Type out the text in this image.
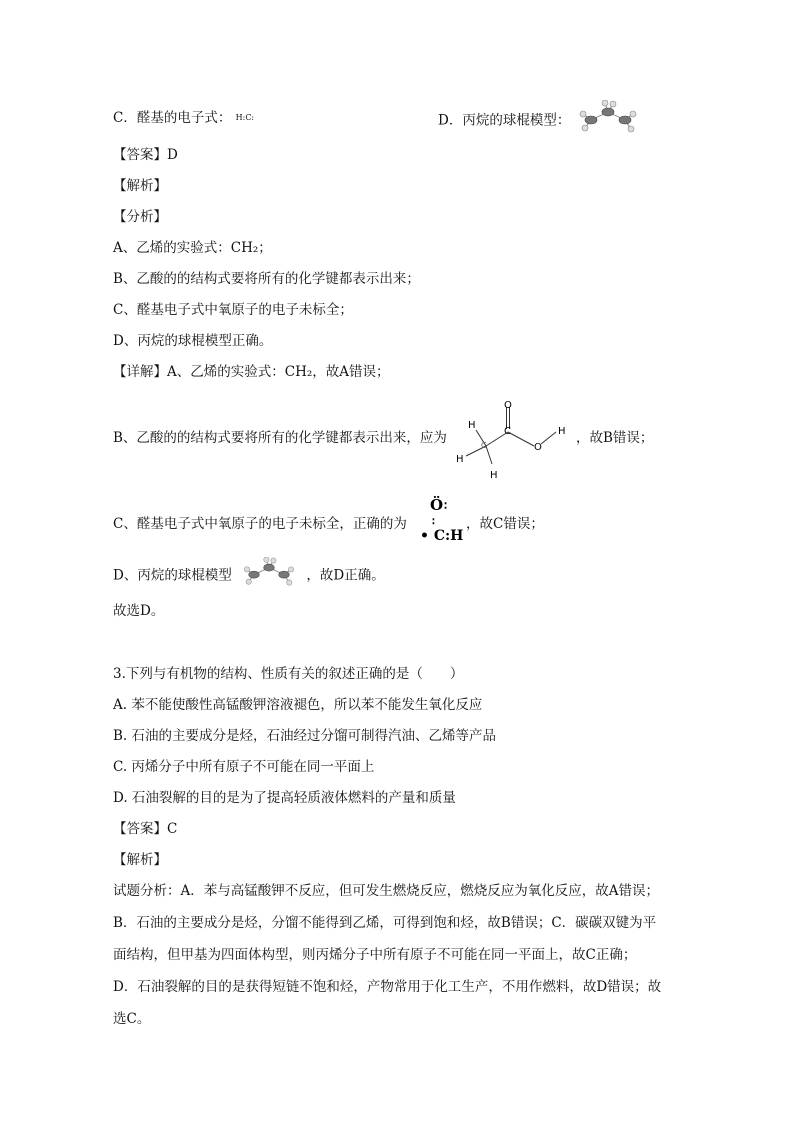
C．醛基的电子式： H:C:	D．丙烷的球棍模型：
【答案】D
【解析】
【分析】
A、乙烯的实验式：CH₂；
B、乙酸的的结构式要将所有的化学键都表示出来；
C、醛基电子式中氧原子的电子未标全；
D、丙烷的球棍模型正确。
【详解】A、乙烯的实验式：CH₂，故A错误；
B、乙酸的的结构式要将所有的化学键都表示出来，应为
O
C
O
H
C
H
H
H
，故B错误；
C、醛基电子式中氧原子的电子未标全，正确的为
Ö ∶
∶
• C:H
，故C错误；
D、丙烷的球棍模型	，故D正确。
故选D。
3.下列与有机物的结构、性质有关的叙述正确的是（　　）
A. 苯不能使酸性高锰酸钾溶液褪色，所以苯不能发生氧化反应
B. 石油的主要成分是烃，石油经过分馏可制得汽油、乙烯等产品
C. 丙烯分子中所有原子不可能在同一平面上
D. 石油裂解的目的是为了提高轻质液体燃料的产量和质量
【答案】C
【解析】
试题分析：A．苯与高锰酸钾不反应，但可发生燃烧反应，燃烧反应为氧化反应，故A错误；
B．石油的主要成分是烃，分馏不能得到乙烯，可得到饱和烃，故B错误；C．碳碳双键为平
面结构，但甲基为四面体构型，则丙烯分子中所有原子不可能在同一平面上，故C正确；
D．石油裂解的目的是获得短链不饱和烃，产物常用于化工生产，不用作燃料，故D错误；故
选C。
